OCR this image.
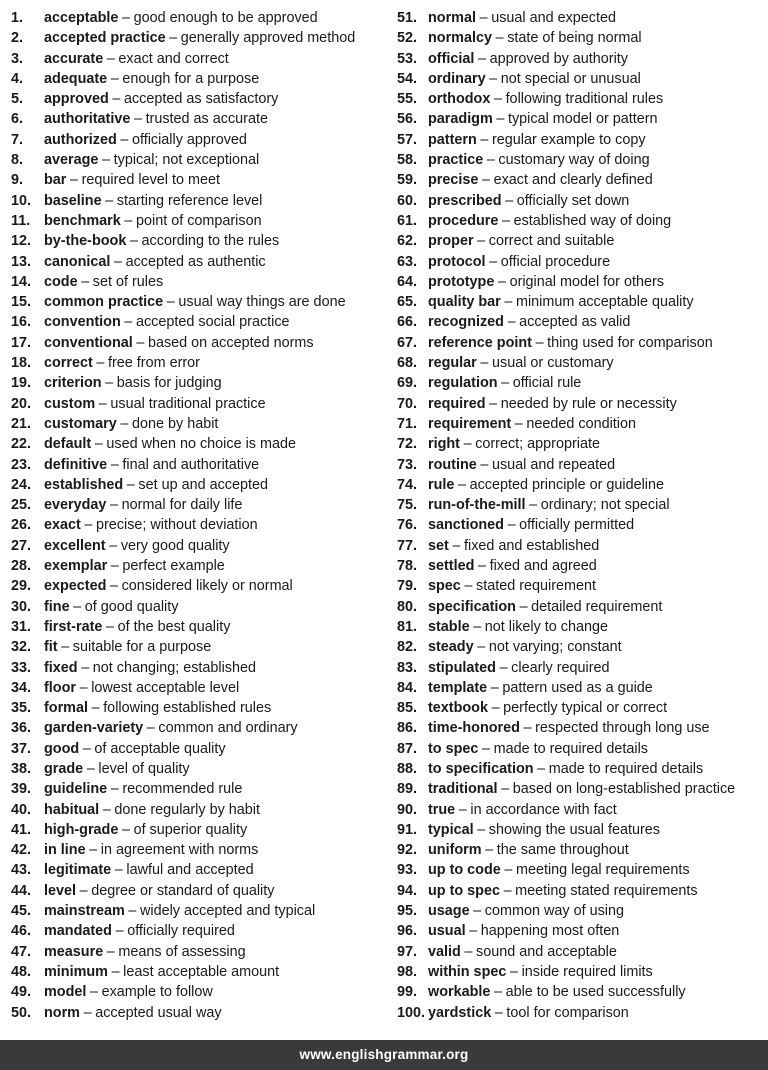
1.	acceptable – good enough to be approved
2.	accepted practice – generally approved method
3.	accurate – exact and correct
4.	adequate – enough for a purpose
5.	approved – accepted as satisfactory
6.	authoritative – trusted as accurate
7.	authorized – officially approved
8.	average – typical; not exceptional
9.	bar – required level to meet
10. baseline – starting reference level
11. benchmark – point of comparison
12. by-the-book – according to the rules
13. canonical – accepted as authentic
14. code – set of rules
15. common practice – usual way things are done
16. convention – accepted social practice
17. conventional – based on accepted norms
18. correct – free from error
19. criterion – basis for judging
20. custom – usual traditional practice
21. customary – done by habit
22. default – used when no choice is made
23. definitive – final and authoritative
24. established – set up and accepted
25. everyday – normal for daily life
26. exact – precise; without deviation
27. excellent – very good quality
28. exemplar – perfect example
29. expected – considered likely or normal
30. fine – of good quality
31. first-rate – of the best quality
32. fit – suitable for a purpose
33. fixed – not changing; established
34. floor – lowest acceptable level
35. formal – following established rules
36. garden-variety – common and ordinary
37. good – of acceptable quality
38. grade – level of quality
39. guideline – recommended rule
40. habitual – done regularly by habit
41. high-grade – of superior quality
42. in line – in agreement with norms
43. legitimate – lawful and accepted
44. level – degree or standard of quality
45. mainstream – widely accepted and typical
46. mandated – officially required
47. measure – means of assessing
48. minimum – least acceptable amount
49. model – example to follow
50. norm – accepted usual way
51. normal – usual and expected
52. normalcy – state of being normal
53. official – approved by authority
54. ordinary – not special or unusual
55. orthodox – following traditional rules
56. paradigm – typical model or pattern
57. pattern – regular example to copy
58. practice – customary way of doing
59. precise – exact and clearly defined
60. prescribed – officially set down
61. procedure – established way of doing
62. proper – correct and suitable
63. protocol – official procedure
64. prototype – original model for others
65. quality bar – minimum acceptable quality
66. recognized – accepted as valid
67. reference point – thing used for comparison
68. regular – usual or customary
69. regulation – official rule
70. required – needed by rule or necessity
71. requirement – needed condition
72. right – correct; appropriate
73. routine – usual and repeated
74. rule – accepted principle or guideline
75. run-of-the-mill – ordinary; not special
76. sanctioned – officially permitted
77. set – fixed and established
78. settled – fixed and agreed
79. spec – stated requirement
80. specification – detailed requirement
81. stable – not likely to change
82. steady – not varying; constant
83. stipulated – clearly required
84. template – pattern used as a guide
85. textbook – perfectly typical or correct
86. time-honored – respected through long use
87. to spec – made to required details
88. to specification – made to required details
89. traditional – based on long-established practice
90. true – in accordance with fact
91. typical – showing the usual features
92. uniform – the same throughout
93. up to code – meeting legal requirements
94. up to spec – meeting stated requirements
95. usage – common way of using
96. usual – happening most often
97. valid – sound and acceptable
98. within spec – inside required limits
99. workable – able to be used successfully
100. yardstick – tool for comparison
www.englishgrammar.org
